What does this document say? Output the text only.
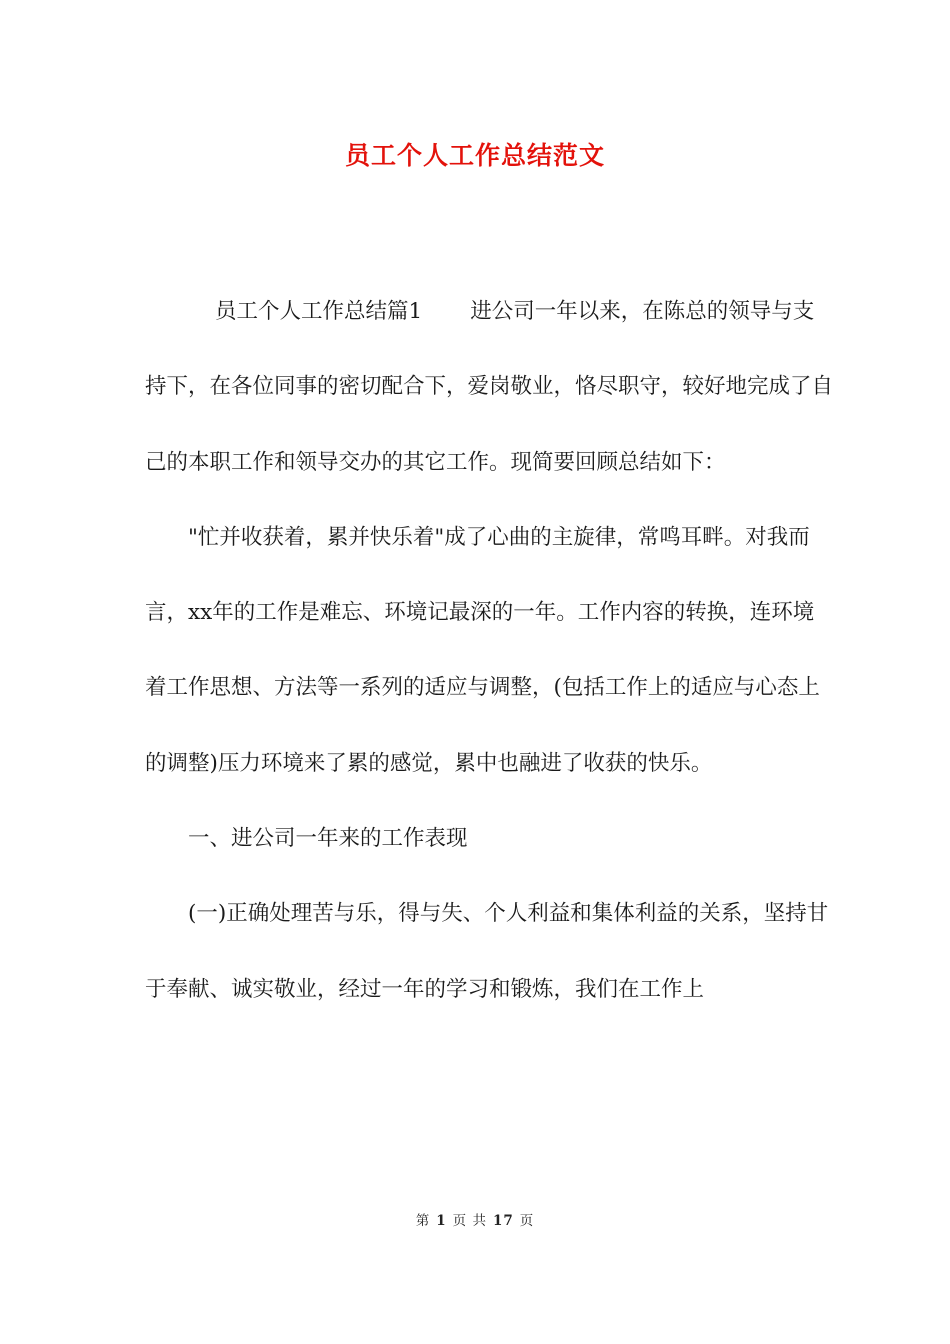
员工个人工作总结范文

员工个人工作总结篇1 进公司一年以来，在陈总的领导与支持下，在各位同事的密切配合下，爱岗敬业，恪尽职守，较好地完成了自己的本职工作和领导交办的其它工作。现简要回顾总结如下：

"忙并收获着，累并快乐着"成了心曲的主旋律，常鸣耳畔。对我而言，xx年的工作是难忘、环境记最深的一年。工作内容的转换，连环境着工作思想、方法等一系列的适应与调整，(包括工作上的适应与心态上的调整)压力环境来了累的感觉，累中也融进了收获的快乐。

一、进公司一年来的工作表现

(一)正确处理苦与乐，得与失、个人利益和集体利益的关系，坚持甘于奉献、诚实敬业，经过一年的学习和锻炼，我们在工作上

第 1 页 共 17 页
